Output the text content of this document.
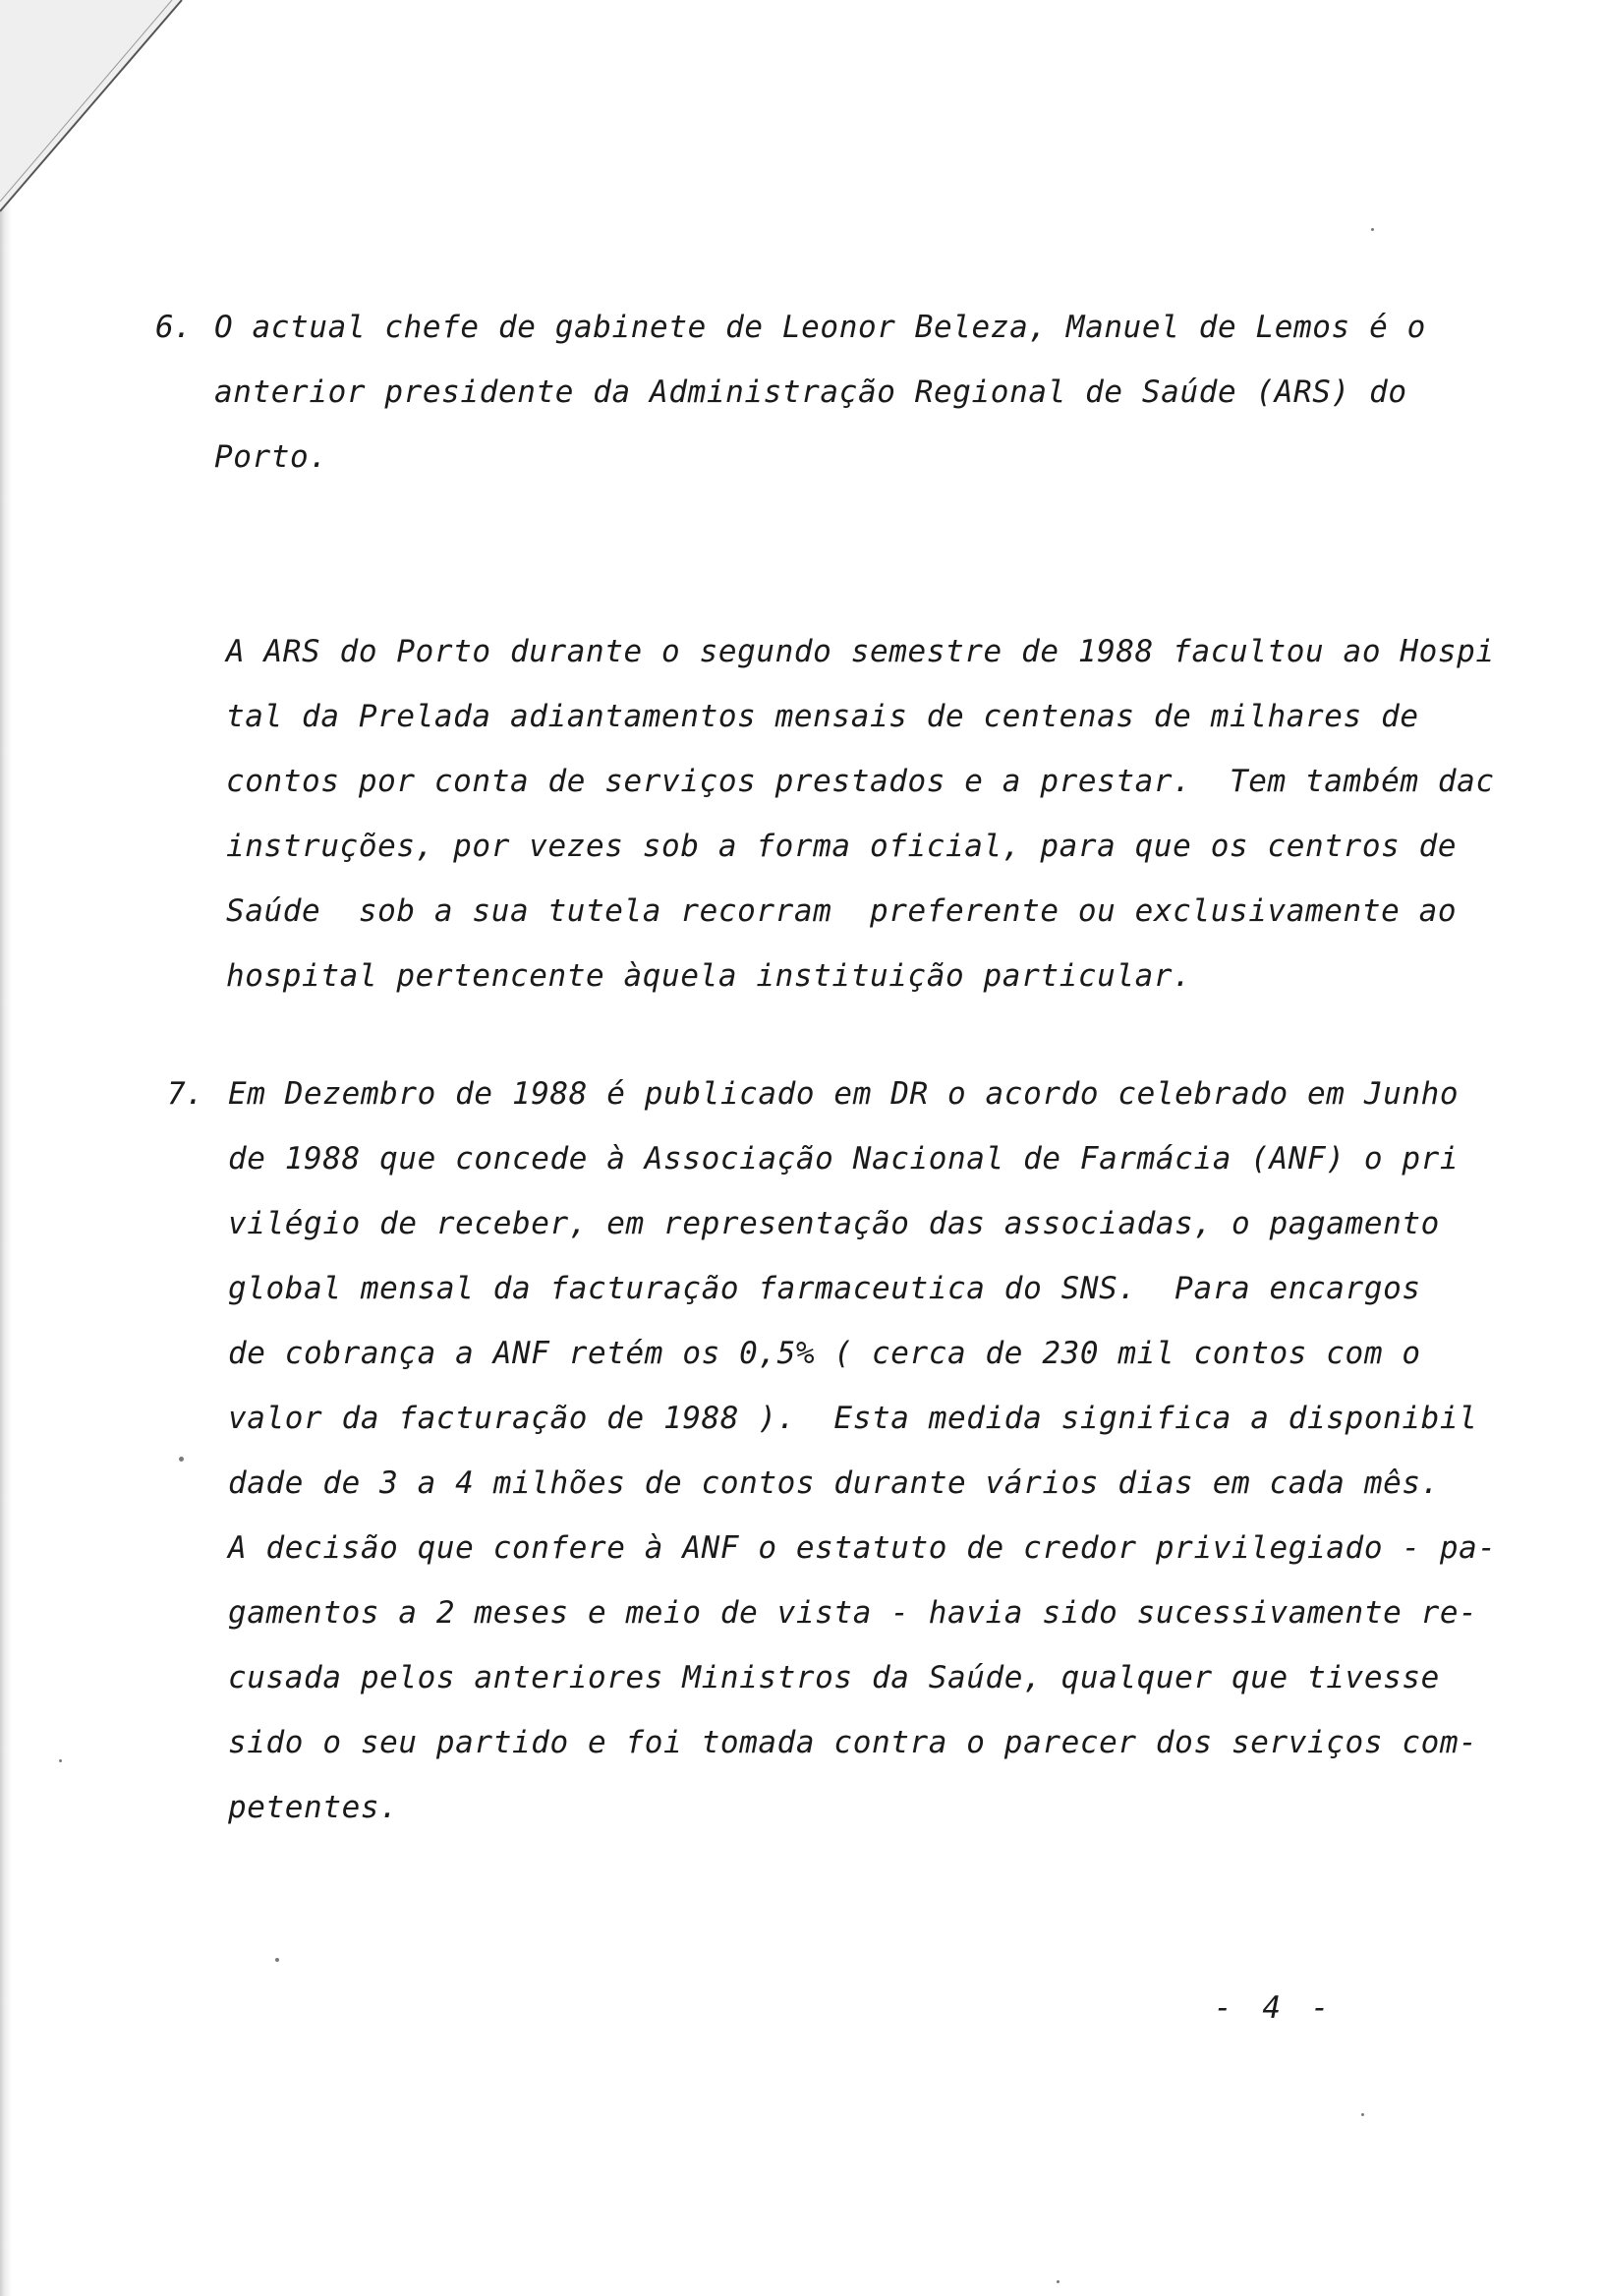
6. O actual chefe de gabinete de Leonor Beleza, Manuel de Lemos é o
anterior presidente da Administração Regional de Saúde (ARS) do
Porto.
A ARS do Porto durante o segundo semestre de 1988 facultou ao Hospi
tal da Prelada adiantamentos mensais de centenas de milhares de
contos por conta de serviços prestados e a prestar.  Tem também dac
instruções, por vezes sob a forma oficial, para que os centros de
Saúde  sob a sua tutela recorram  preferente ou exclusivamente ao
hospital pertencente àquela instituição particular.
7. Em Dezembro de 1988 é publicado em DR o acordo celebrado em Junho
de 1988 que concede à Associação Nacional de Farmácia (ANF) o pri
vilégio de receber, em representação das associadas, o pagamento
global mensal da facturação farmaceutica do SNS.  Para encargos
de cobrança a ANF retém os 0,5% ( cerca de 230 mil contos com o
valor da facturação de 1988 ).  Esta medida significa a disponibil
dade de 3 a 4 milhões de contos durante vários dias em cada mês.
A decisão que confere à ANF o estatuto de credor privilegiado - pa-
gamentos a 2 meses e meio de vista - havia sido sucessivamente re-
cusada pelos anteriores Ministros da Saúde, qualquer que tivesse
sido o seu partido e foi tomada contra o parecer dos serviços com-
petentes.
- 4 -
